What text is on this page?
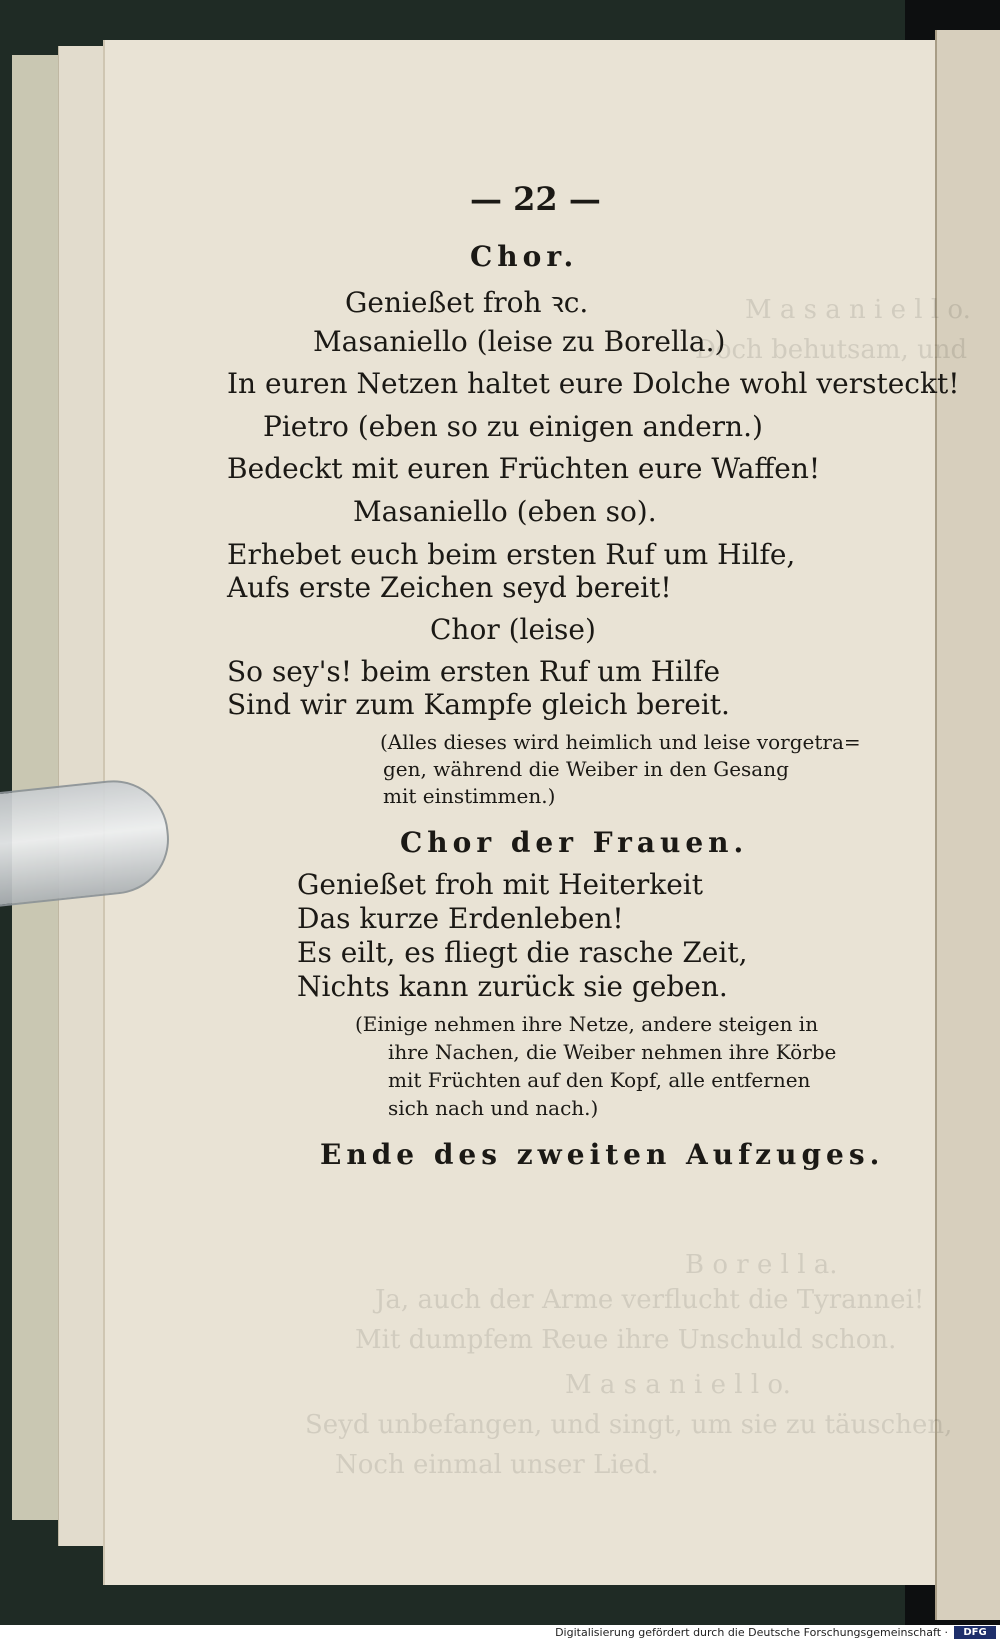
M a s a n i e l l o.
Doch behutsam, und
B o r e l l a.
Ja, auch der Arme verflucht die Tyrannei!
Mit dumpfem Reue ihre Unschuld schon.
M a s a n i e l l o.
Seyd unbefangen, und singt, um sie zu täuschen,
Noch einmal unser Lied.
— 22 —
Chor.
Genießet froh ꝛc.
Masaniello (leise zu Borella.)
In euren Netzen haltet eure Dolche wohl versteckt!
Pietro (eben so zu einigen andern.)
Bedeckt mit euren Früchten eure Waffen!
Masaniello (eben so).
Erhebet euch beim ersten Ruf um Hilfe,
Aufs erste Zeichen seyd bereit!
Chor (leise)
So sey's! beim ersten Ruf um Hilfe
Sind wir zum Kampfe gleich bereit.
(Alles dieses wird heimlich und leise vorgetra=
gen, während die Weiber in den Gesang
mit einstimmen.)
Chor der Frauen.
Genießet froh mit Heiterkeit
Das kurze Erdenleben!
Es eilt, es fliegt die rasche Zeit,
Nichts kann zurück sie geben.
(Einige nehmen ihre Netze, andere steigen in
ihre Nachen, die Weiber nehmen ihre Körbe
mit Früchten auf den Kopf, alle entfernen
sich nach und nach.)
Ende des zweiten Aufzuges.
Digitalisierung gefördert durch die Deutsche Forschungsgemeinschaft ·	DFG
